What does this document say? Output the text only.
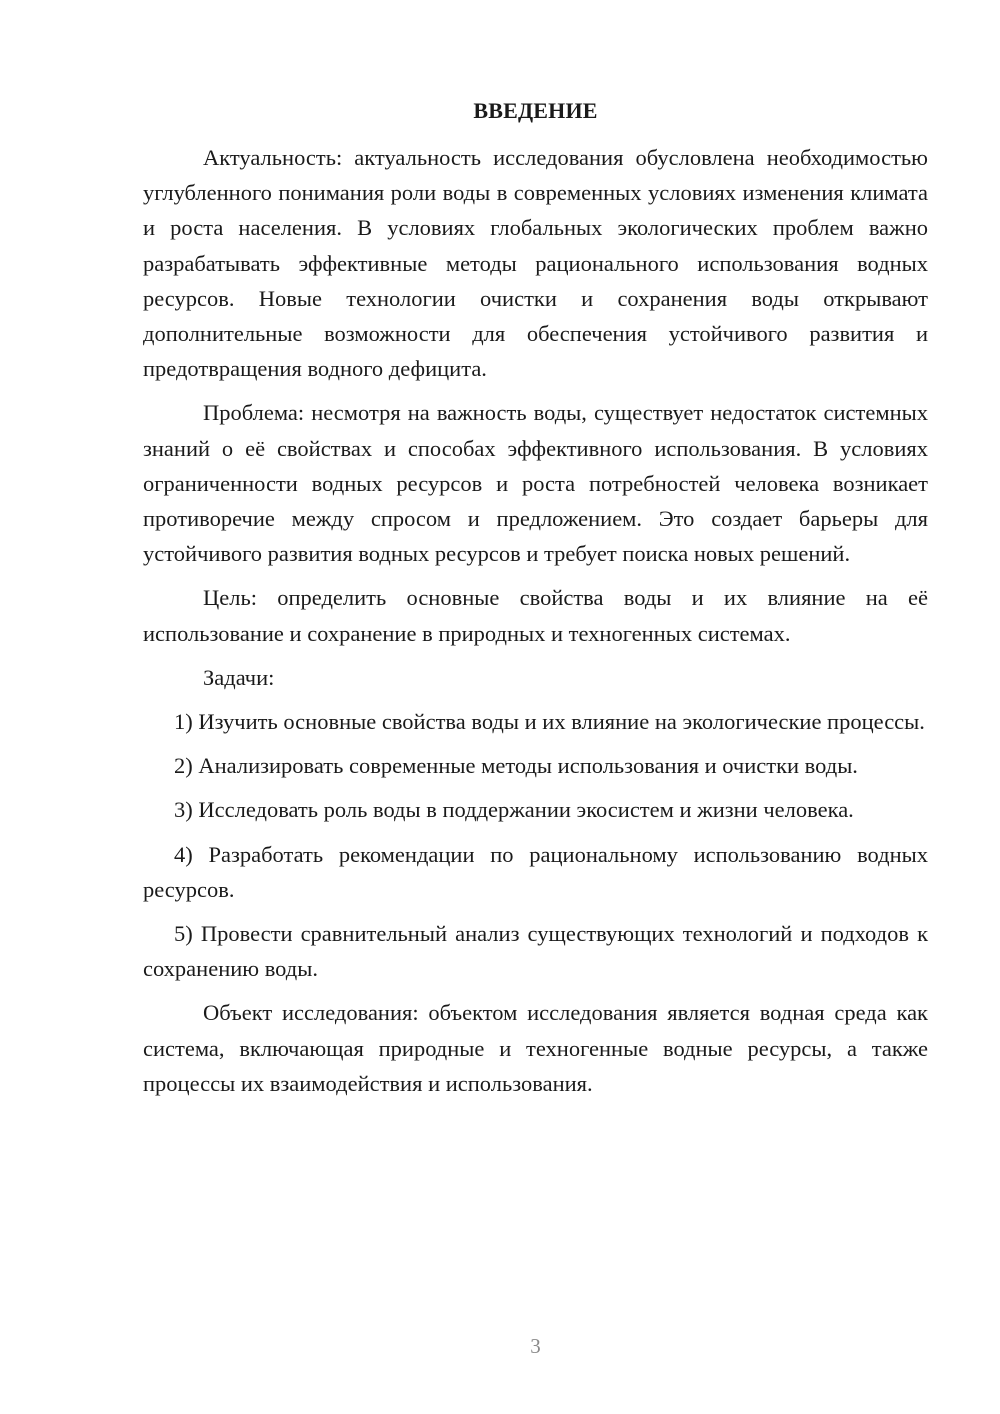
ВВЕДЕНИЕ

Актуальность: актуальность исследования обусловлена необходимостью углубленного понимания роли воды в современных условиях изменения климата и роста населения. В условиях глобальных экологических проблем важно разрабатывать эффективные методы рационального использования водных ресурсов. Новые технологии очистки и сохранения воды открывают дополнительные возможности для обеспечения устойчивого развития и предотвращения водного дефицита.

Проблема: несмотря на важность воды, существует недостаток системных знаний о её свойствах и способах эффективного использования. В условиях ограниченности водных ресурсов и роста потребностей человека возникает противоречие между спросом и предложением. Это создает барьеры для устойчивого развития водных ресурсов и требует поиска новых решений.

Цель: определить основные свойства воды и их влияние на её использование и сохранение в природных и техногенных системах.

Задачи:

1) Изучить основные свойства воды и их влияние на экологические процессы.

2) Анализировать современные методы использования и очистки воды.

3) Исследовать роль воды в поддержании экосистем и жизни человека.

4) Разработать рекомендации по рациональному использованию водных ресурсов.

5) Провести сравнительный анализ существующих технологий и подходов к сохранению воды.

Объект исследования: объектом исследования является водная среда как система, включающая природные и техногенные водные ресурсы, а также процессы их взаимодействия и использования.

3
